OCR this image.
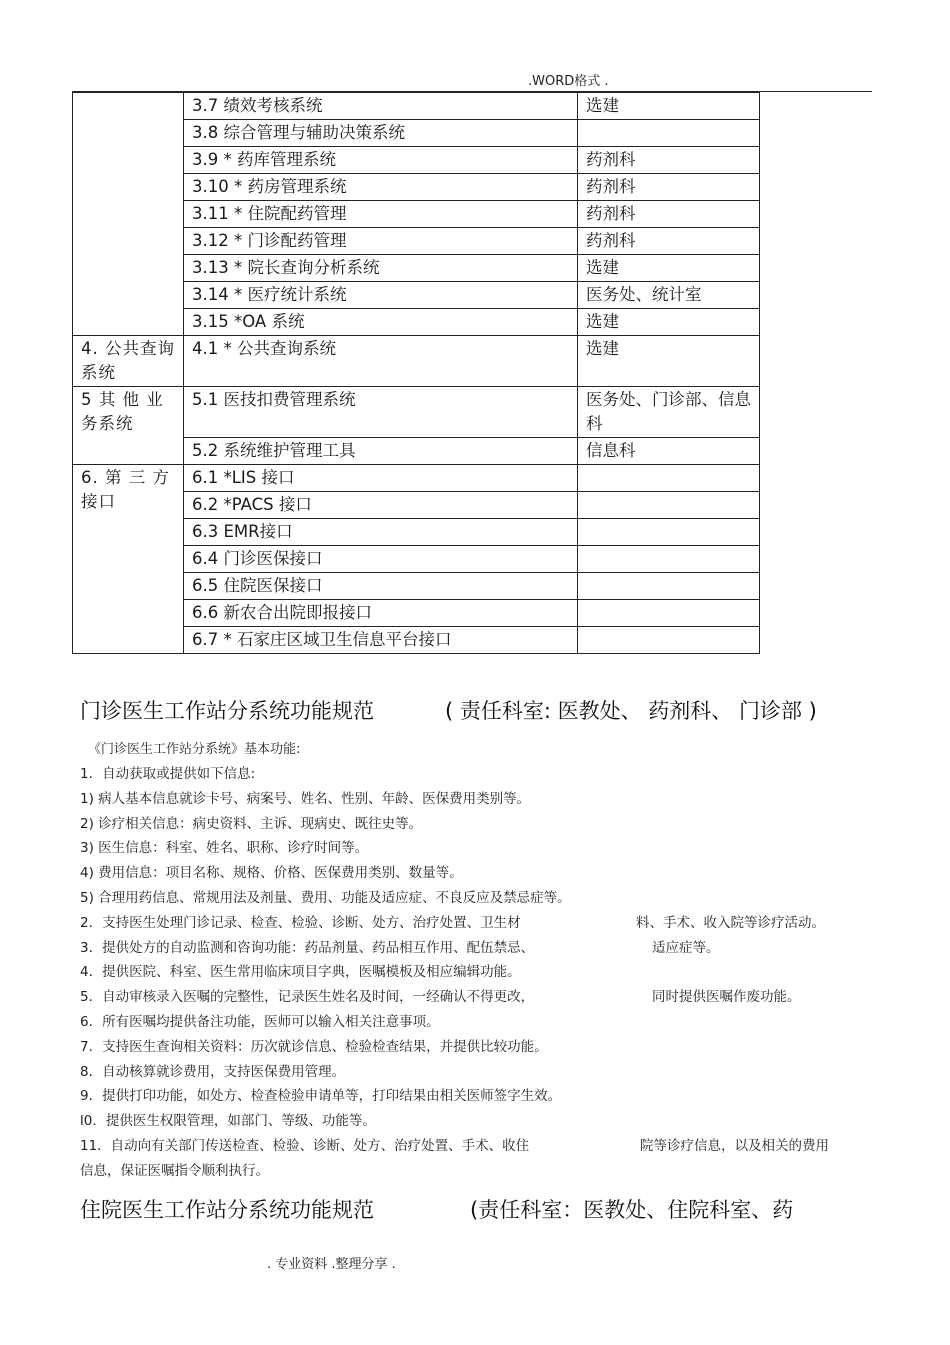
.WORD格式 .
	3.7 绩效考核系统	选建
	3.8 综合管理与辅助决策系统	
	3.9 * 药库管理系统	药剂科
	3.10 * 药房管理系统	药剂科
	3.11 * 住院配药管理	药剂科
	3.12 * 门诊配药管理	药剂科
	3.13 * 院长查询分析系统	选建
	3.14 * 医疗统计系统	医务处、统计室
	3.15 *OA 系统	选建
4. 公共查询系统	4.1 * 公共查询系统	选建
5 其 他 业务系统	5.1 医技扣费管理系统	医务处、门诊部、信息科
	5.2 系统维护管理工具	信息科
6. 第 三 方接口	6.1 *LIS 接口	
	6.2 *PACS 接口	
	6.3 EMR接口	
	6.4 门诊医保接口	
	6.5 住院医保接口	
	6.6 新农合出院即报接口	
	6.7 * 石家庄区域卫生信息平台接口	
门诊医生工作站分系统功能规范	( 责任科室: 医教处、 药剂科、 门诊部 )
《门诊医生工作站分系统》基本功能:
1．自动获取或提供如下信息:
1) 病人基本信息就诊卡号、病案号、姓名、性别、年龄、医保费用类别等。
2) 诊疗相关信息：病史资料、主诉、现病史、既往史等。
3) 医生信息：科室、姓名、职称、诊疗时间等。
4) 费用信息：项目名称、规格、价格、医保费用类别、数量等。
5) 合理用药信息、常规用法及剂量、费用、功能及适应症、不良反应及禁忌症等。
2．支持医生处理门诊记录、检查、检验、诊断、处方、治疗处置、卫生材	料、手术、收入院等诊疗活动。
3．提供处方的自动监测和咨询功能：药品剂量、药品相互作用、配伍禁忌、	适应症等。
4．提供医院、科室、医生常用临床项目字典，医嘱模板及相应编辑功能。
5．自动审核录入医嘱的完整性，记录医生姓名及时间，一经确认不得更改，	同时提供医嘱作废功能。
6．所有医嘱均提供备注功能，医师可以输入相关注意事项。
7．支持医生查询相关资料：历次就诊信息、检验检查结果，并提供比较功能。
8．自动核算就诊费用，支持医保费用管理。
9．提供打印功能，如处方、检查检验申请单等，打印结果由相关医师签字生效。
l0．提供医生权限管理，如部门、等级、功能等。
11．自动向有关部门传送检查、检验、诊断、处方、治疗处置、手术、收住	院等诊疗信息，以及相关的费用
信息，保证医嘱指令顺利执行。
住院医生工作站分系统功能规范	(责任科室：医教处、住院科室、药
. 专业资料 .整理分享 .
